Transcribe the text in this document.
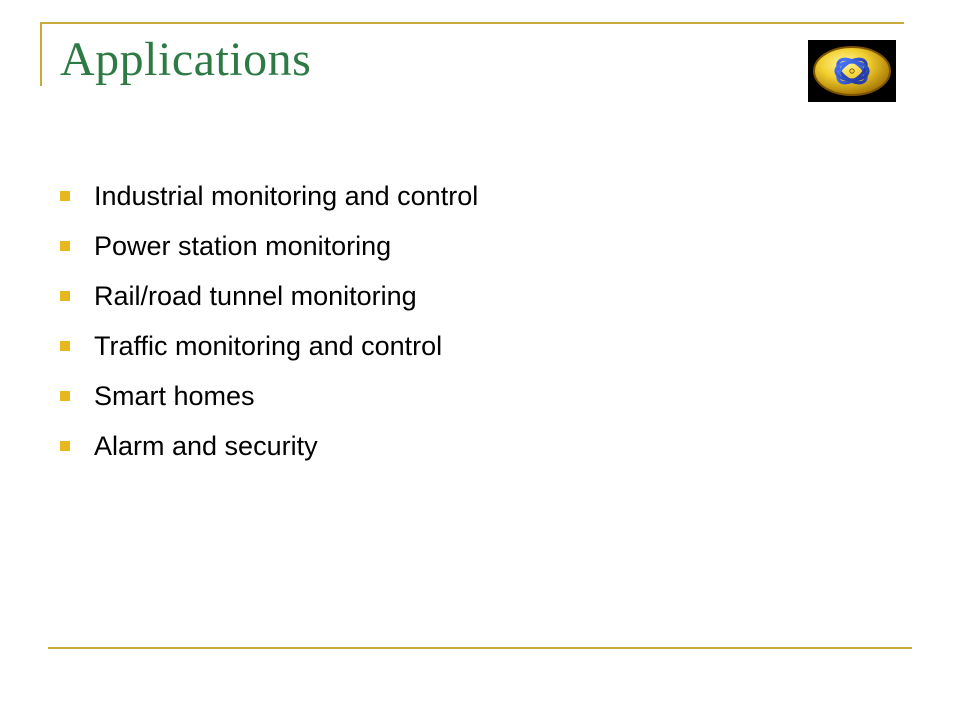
Applications
Industrial monitoring and control
Power station monitoring
Rail/road tunnel monitoring
Traffic monitoring and control
Smart homes
Alarm and security
